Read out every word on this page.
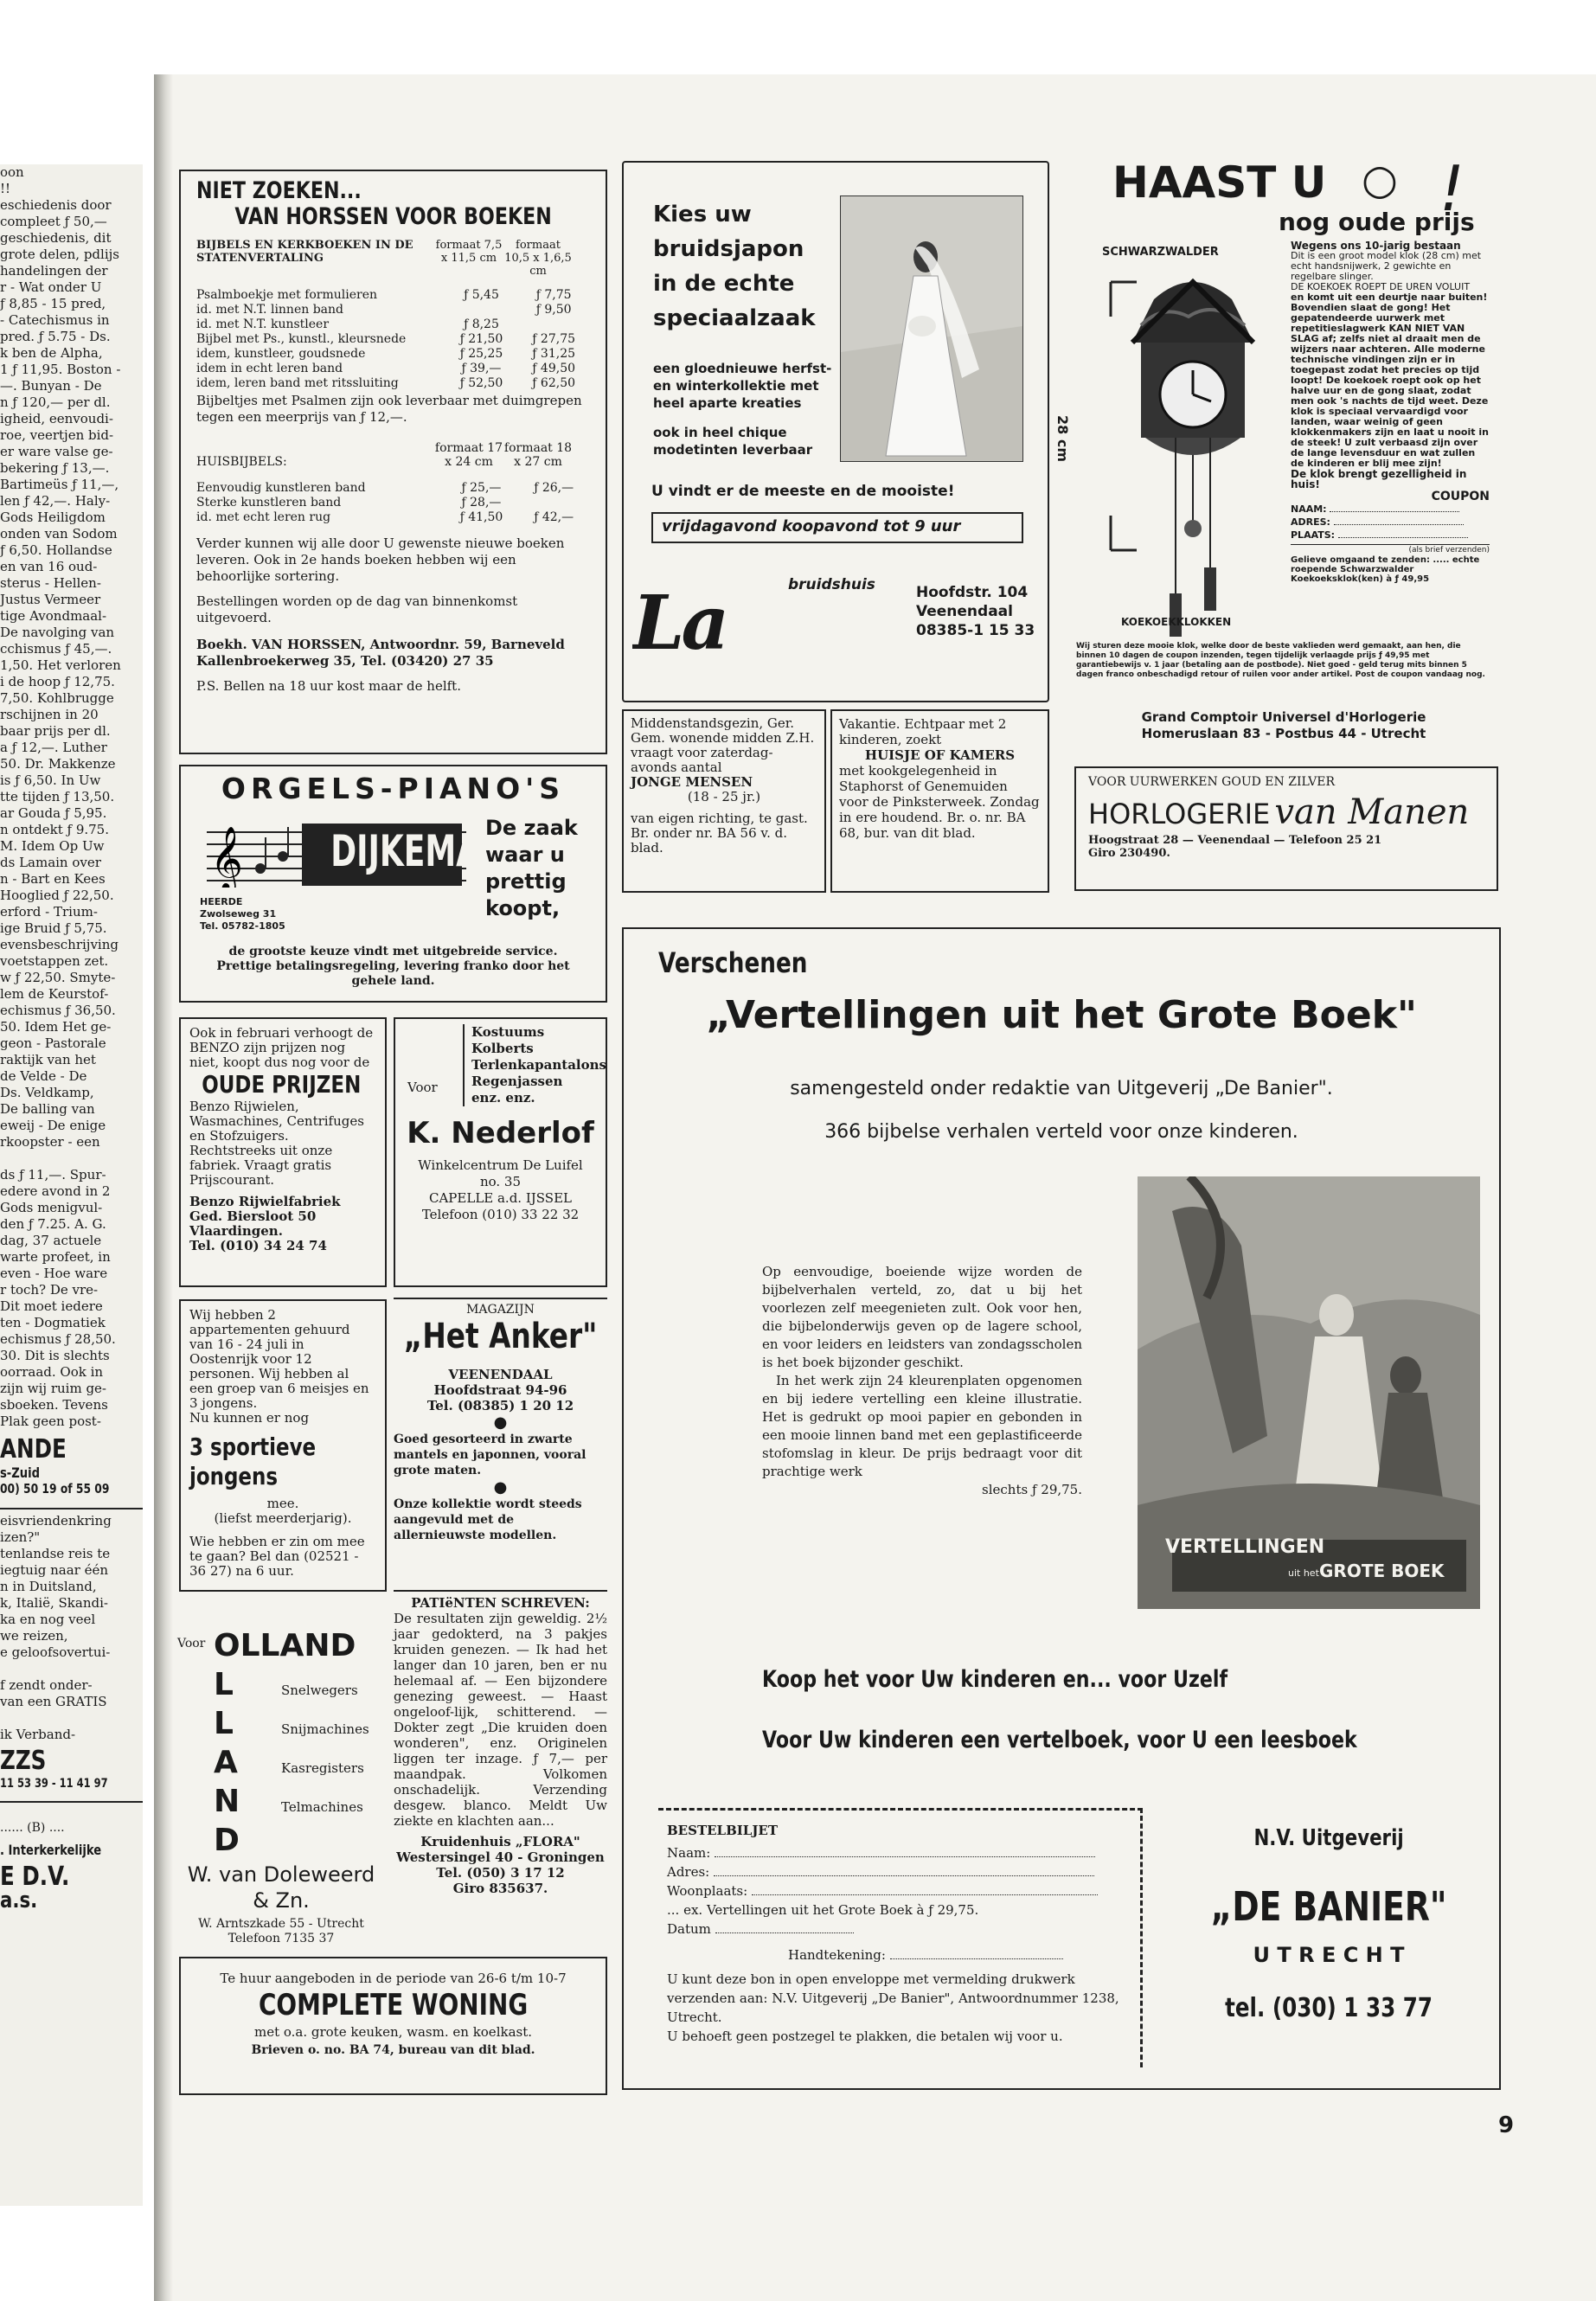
oon
!!
eschiedenis door
compleet ƒ 50,—
geschiedenis, dit
grote delen, pdlijs
handelingen der
r - Wat onder U
ƒ 8,85 - 15 pred,
- Catechismus in
pred. ƒ 5.75 - Ds.
k ben de Alpha,
1 ƒ 11,95. Boston -
—. Bunyan - De
n ƒ 120,— per dl.
igheid, eenvoudi-
roe, veertjen bid-
er ware valse ge-
bekering ƒ 13,—.
Bartimeüs ƒ 11,—,
len ƒ 42,—. Haly-
Gods Heiligdom
onden van Sodom
ƒ 6,50. Hollandse
en van 16 oud-
sterus - Hellen-
Justus Vermeer
tige Avondmaal-
De navolging van
cchismus ƒ 45,—.
1,50. Het verloren
i de hoop ƒ 12,75.
7,50. Kohlbrugge
rschijnen in 20
baar prijs per dl.
a ƒ 12,—. Luther
50. Dr. Makkenze
is ƒ 6,50. In Uw
tte tijden ƒ 13,50.
ar Gouda ƒ 5,95.
n ontdekt ƒ 9.75.
M. Idem Op Uw
ds Lamain over
n - Bart en Kees
Hooglied ƒ 22,50.
erford - Trium-
ige Bruid ƒ 5,75.
evensbeschrijving
voetstappen zet.
w ƒ 22,50. Smyte-
lem de Keurstof-
echismus ƒ 36,50.
50. Idem Het ge-
geon - Pastorale
raktijk van het
de Velde - De
Ds. Veldkamp,
De balling van
eweij - De enige
rkoopster - een

ds ƒ 11,—. Spur-
edere avond in 2
Gods menigvul-
den ƒ 7.25. A. G.
dag, 37 actuele
warte profeet, in
even - Hoe ware
r toch? De vre-
Dit moet iedere
ten - Dogmatiek
echismus ƒ 28,50.
30. Dit is slechts
oorraad. Ook in
zijn wij ruim ge-
sboeken. Tevens
Plak geen post-
ANDE
s-Zuid
00) 50 19 of 55 09
eisvriendenkring
izen?"
tenlandse reis te
iegtuig naar één
n in Duitsland,
k, Italië, Skandi-
ka en nog veel
we reizen,
e geloofsovertui-

f zendt onder-
van een GRATIS

ik Verband-
ZZS
11 53 39 - 11 41 97
...... (B) ....
. Interkerkelijke
E D.V.
a.s.
NIET ZOEKEN...
VAN HORSSEN VOOR BOEKEN
BIJBELS EN KERKBOEKEN IN DE STATENVERTALING
formaat 7,5 x 11,5 cm
formaat 10,5 x 1,6,5 cm
Psalmboekje met formulieren	ƒ 5,45	ƒ 7,75
id. met N.T. linnen band		ƒ 9,50
id. met N.T. kunstleer	ƒ 8,25	
Bijbel met Ps., kunstl., kleursnede	ƒ 21,50	ƒ 27,75
idem, kunstleer, goudsnede	ƒ 25,25	ƒ 31,25
idem in echt leren band	ƒ 39,—	ƒ 49,50
idem, leren band met ritssluiting	ƒ 52,50	ƒ 62,50
Bijbeltjes met Psalmen zijn ook leverbaar met duimgrepen tegen een meerprijs van ƒ 12,—.
HUISBIJBELS:
formaat 17 x 24 cm
formaat 18 x 27 cm
Eenvoudig kunstleren band	ƒ 25,—	ƒ 26,—
Sterke kunstleren band	ƒ 28,—	
id. met echt leren rug	ƒ 41,50	ƒ 42,—
Verder kunnen wij alle door U gewenste nieuwe boeken leveren. Ook in 2e hands boeken hebben wij een behoorlijke sortering.
Bestellingen worden op de dag van binnenkomst uitgevoerd.
Boekh. VAN HORSSEN, Antwoordnr. 59, Barneveld Kallenbroekerweg 35, Tel. (03420) 27 35
P.S. Bellen na 18 uur kost maar de helft.
ORGELS-PIANO'S
𝄞 DIJKEMA De zaak
waar u
prettig
koopt,
HEERDE
Zwolseweg 31
Tel. 05782-1805
de grootste keuze vindt met uitgebreide service. Prettige betalingsregeling, levering franko door het gehele land.
Ook in februari verhoogt de BENZO zijn prijzen nog niet, koopt dus nog voor de
OUDE PRIJZEN
Benzo Rijwielen, Wasmachines, Centrifuges en Stofzuigers. Rechtstreeks uit onze fabriek. Vraagt gratis Prijscourant.
Benzo Rijwielfabriek
Ged. Biersloot 50
Vlaardingen.
Tel. (010) 34 24 74
Voor
Kostuums
Kolberts
Terlenkapantalons
Regenjassen
enz. enz.
K. Nederlof
Winkelcentrum De Luifel
no. 35
CAPELLE a.d. IJSSEL
Telefoon (010) 33 22 32
Wij hebben 2 appartementen gehuurd van 16 - 24 juli in Oostenrijk voor 12 personen. Wij hebben al een groep van 6 meisjes en 3 jongens.
Nu kunnen er nog
3 sportieve jongens
mee.
(liefst meerderjarig).
Wie hebben er zin om mee te gaan? Bel dan (02521 - 36 27) na 6 uur.
MAGAZIJN
„Het Anker"
VEENENDAAL
Hoofdstraat 94-96
Tel. (08385) 1 20 12
●
Goed gesorteerd in zwarte mantels en japonnen, vooral grote maten.
●
Onze kollektie wordt steeds aangevuld met de allernieuwste modellen.
Voor OLLAND
L
L
A
N
D
Snelwegers
Snijmachines
Kasregisters
Telmachines
W. van Doleweerd
& Zn.
W. Arntszkade 55 - Utrecht
Telefoon 7135 37
PATIëNTEN SCHREVEN:
De resultaten zijn geweldig. 2½ jaar gedokterd, na 3 pakjes kruiden genezen. — Ik had het langer dan 10 jaren, ben er nu helemaal af. — Een bijzondere genezing geweest. — Haast ongeloof-lijk, schitterend. — Dokter zegt „Die kruiden doen wonderen", enz. Originelen liggen ter inzage. ƒ 7,— per maandpak. Volkomen onschadelijk. Verzending desgew. blanco. Meldt Uw ziekte en klachten aan...
Kruidenhuis „FLORA"
Westersingel 40 - Groningen
Tel. (050) 3 17 12
Giro 835637.
Te huur aangeboden in de periode van 26-6 t/m 10-7
COMPLETE WONING
met o.a. grote keuken, wasm. en koelkast.
Brieven o. no. BA 74, bureau van dit blad.
Kies uw
bruidsjapon
in de echte
speciaalzaak
een gloednieuwe herfst-
en winterkollektie met
heel aparte kreaties
ook in heel chique
modetinten leverbaar
U vindt er de meeste en de mooiste!
vrijdagavond koopavond tot 9 uur
bruidshuis
La	Hoofdstr. 104
Veenendaal
08385-1 15 33
Middenstandsgezin, Ger. Gem. wonende midden Z.H. vraagt voor zaterdag-avonds aantal
JONGE MENSEN
(18 - 25 jr.)
van eigen richting, te gast. Br. onder nr. BA 56 v. d. blad.
Vakantie. Echtpaar met 2 kinderen, zoekt
HUISJE OF KAMERS
met kookgelegenheid in Staphorst of Genemuiden voor de Pinksterweek. Zondag in ere houdend. Br. o. nr. BA 68, bur. van dit blad.
HAAST U ○ !
nog oude prijs
SCHWARZWALDER
28 cm
KOEKOEKKLOKKEN
Wegens ons 10-jarig bestaan
Dit is een groot model klok (28 cm) met echt handsnijwerk, 2 gewichte en regelbare slinger.
DE KOEKOEK ROEPT DE UREN VOLUIT
en komt uit een deurtje naar buiten! Bovendien slaat de gong! Het gepatendeerde uurwerk met repetitieslagwerk KAN NIET VAN SLAG af; zelfs niet al draait men de wijzers naar achteren. Alle moderne technische vindingen zijn er in toegepast zodat het precies op tijd loopt! De koekoek roept ook op het halve uur en de gong slaat, zodat men ook 's nachts de tijd weet. Deze klok is speciaal vervaardigd voor landen, waar weinig of geen klokkenmakers zijn en laat u nooit in de steek! U zult verbaasd zijn over de lange levensduur en wat zullen de kinderen er blij mee zijn!
De klok brengt gezelligheid in huis!
COUPON
NAAM:
ADRES:
PLAATS:
(als brief verzenden)
Gelieve omgaand te zenden: ..... echte roepende Schwarzwalder Koekoeksklok(ken) à ƒ 49,95
Wij sturen deze mooie klok, welke door de beste vaklieden werd gemaakt, aan hen, die binnen 10 dagen de coupon inzenden, tegen tijdelijk verlaagde prijs ƒ 49,95 met garantiebewijs v. 1 jaar (betaling aan de postbode). Niet goed - geld terug mits binnen 5 dagen franco onbeschadigd retour of ruilen voor ander artikel. Post de coupon vandaag nog.
Grand Comptoir Universel d'Horlogerie
Homeruslaan 83 - Postbus 44 - Utrecht
VOOR UURWERKEN GOUD EN ZILVER
HORLOGERIE van Manen
Hoogstraat 28 — Veenendaal — Telefoon 25 21
Giro 230490.
Verschenen
„Vertellingen uit het Grote Boek"
samengesteld onder redaktie van Uitgeverij „De Banier".
366 bijbelse verhalen verteld voor onze kinderen.
Op eenvoudige, boeiende wijze worden de bijbelverhalen verteld, zo, dat u bij het voorlezen zelf meegenieten zult. Ook voor hen, die bijbelonderwijs geven op de lagere school, en voor leiders en leidsters van zondagsscholen is het boek bijzonder geschikt.
In het werk zijn 24 kleurenplaten opgenomen en bij iedere vertelling een kleine illustratie. Het is gedrukt op mooi papier en gebonden in een mooie linnen band met een geplastificeerde stofomslag in kleur. De prijs bedraagt voor dit prachtige werk
slechts ƒ 29,75.
VERTELLINGEN
uit het GROTE BOEK
Koop het voor Uw kinderen en... voor Uzelf
Voor Uw kinderen een vertelboek, voor U een leesboek
BESTELBILJET
Naam:
Adres:
Woonplaats:
... ex. Vertellingen uit het Grote Boek à ƒ 29,75.
Datum
Handtekening:
U kunt deze bon in open enveloppe met vermelding drukwerk verzenden aan: N.V. Uitgeverij „De Banier", Antwoordnummer 1238, Utrecht.
U behoeft geen postzegel te plakken, die betalen wij voor u.
N.V. Uitgeverij
„DE BANIER"
U T R E C H T
tel. (030) 1 33 77
9
